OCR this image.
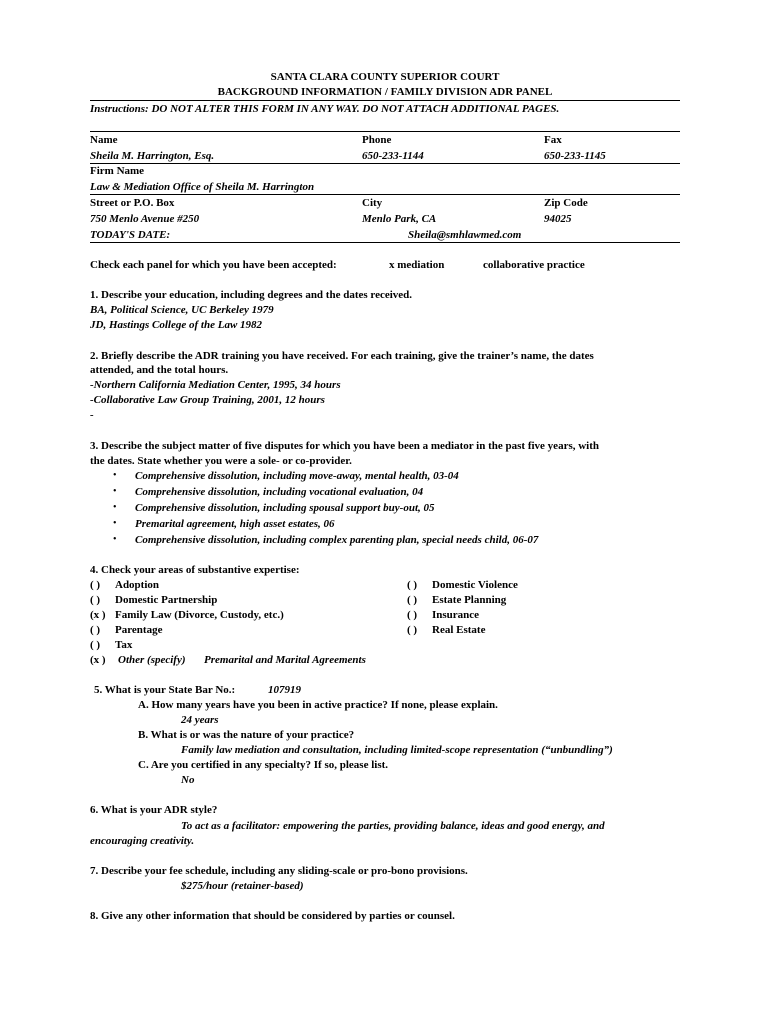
SANTA CLARA COUNTY SUPERIOR COURT
BACKGROUND INFORMATION / FAMILY DIVISION ADR PANEL
Instructions: DO NOT ALTER THIS FORM IN ANY WAY. DO NOT ATTACH ADDITIONAL PAGES.
Name	Phone	Fax
Sheila M. Harrington, Esq.	650-233-1144	650-233-1145
Firm Name
Law & Mediation Office of Sheila M. Harrington
Street or P.O. Box	City	Zip Code
750 Menlo Avenue #250	Menlo Park, CA	94025
TODAY'S DATE:	Sheila@smhlawmed.com
Check each panel for which you have been accepted:	x mediation	collaborative practice
1. Describe your education, including degrees and the dates received.
BA, Political Science, UC Berkeley 1979
JD, Hastings College of the Law 1982
2. Briefly describe the ADR training you have received. For each training, give the trainer’s name, the dates
attended, and the total hours.
-Northern California Mediation Center, 1995, 34 hours
-Collaborative Law Group Training, 2001, 12 hours
-
3. Describe the subject matter of five disputes for which you have been a mediator in the past five years, with
the dates. State whether you were a sole- or co-provider.
• Comprehensive dissolution, including move-away, mental health, 03-04
• Comprehensive dissolution, including vocational evaluation, 04
• Comprehensive dissolution, including spousal support buy-out, 05
• Premarital agreement, high asset estates, 06
• Comprehensive dissolution, including complex parenting plan, special needs child, 06-07
4. Check your areas of substantive expertise:
( ) Adoption
( ) Domestic Partnership
(x ) Family Law (Divorce, Custody, etc.)
( ) Parentage
( ) Tax
(x ) Other (specify) Premarital and Marital Agreements
( ) Domestic Violence
( ) Estate Planning
( ) Insurance
( ) Real Estate
5. What is your State Bar No.:	107919
A. How many years have you been in active practice? If none, please explain.
24 years
B. What is or was the nature of your practice?
Family law mediation and consultation, including limited-scope representation (“unbundling”)
C. Are you certified in any specialty? If so, please list.
No
6. What is your ADR style?
To act as a facilitator: empowering the parties, providing balance, ideas and good energy, and
encouraging creativity.
7. Describe your fee schedule, including any sliding-scale or pro-bono provisions.
$275/hour (retainer-based)
8. Give any other information that should be considered by parties or counsel.
